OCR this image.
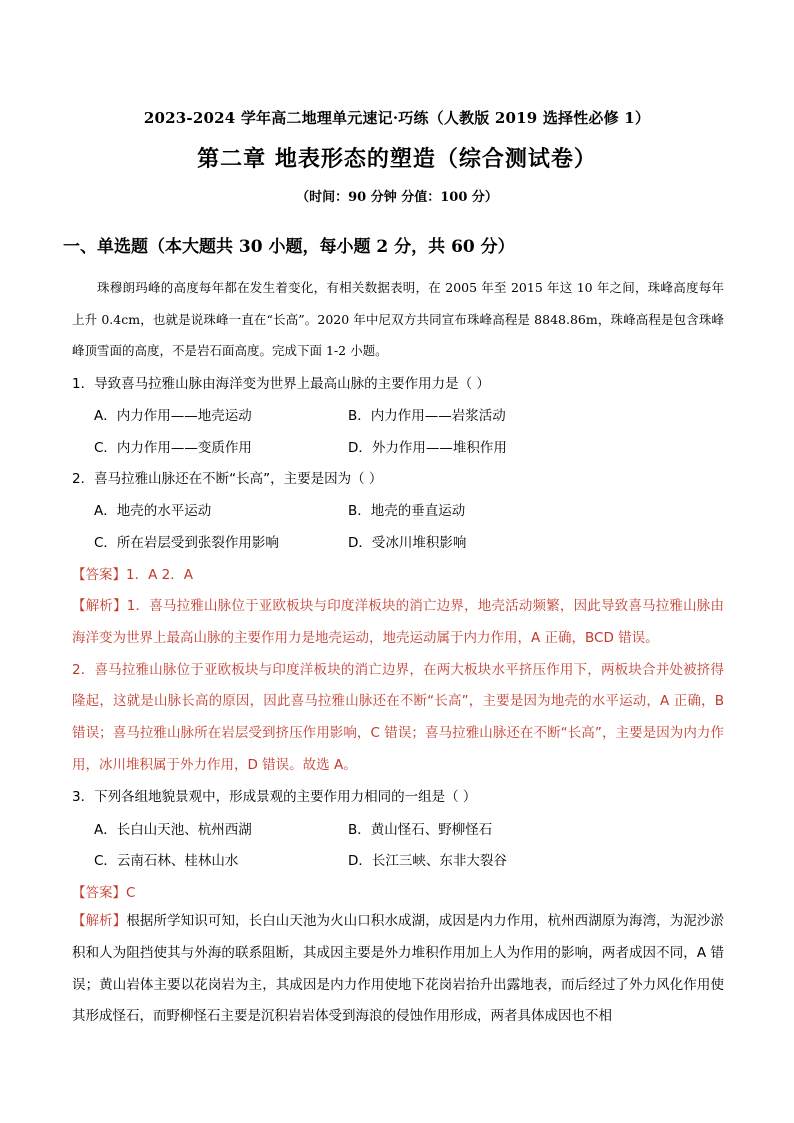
2023-2024 学年高二地理单元速记·巧练（人教版 2019 选择性必修 1）
第二章 地表形态的塑造（综合测试卷）
（时间：90 分钟 分值：100 分）
一、单选题（本大题共 30 小题，每小题 2 分，共 60 分）
珠穆朗玛峰的高度每年都在发生着变化，有相关数据表明，在 2005 年至 2015 年这 10 年之间，珠峰高度每年上升 0.4cm，也就是说珠峰一直在“长高”。2020 年中尼双方共同宣布珠峰高程是 8848.86m，珠峰高程是包含珠峰峰顶雪面的高度，不是岩石面高度。完成下面 1-2 小题。
1．导致喜马拉雅山脉由海洋变为世界上最高山脉的主要作用力是（ ）
A．内力作用——地壳运动	B．内力作用——岩浆活动
C．内力作用——变质作用	D．外力作用——堆积作用
2．喜马拉雅山脉还在不断“长高”，主要是因为（ ）
A．地壳的水平运动	B．地壳的垂直运动
C．所在岩层受到张裂作用影响	D．受冰川堆积影响
【答案】1．A 2．A
【解析】1．喜马拉雅山脉位于亚欧板块与印度洋板块的消亡边界，地壳活动频繁，因此导致喜马拉雅山脉由海洋变为世界上最高山脉的主要作用力是地壳运动，地壳运动属于内力作用，A 正确，BCD 错误。
2．喜马拉雅山脉位于亚欧板块与印度洋板块的消亡边界，在两大板块水平挤压作用下，两板块合并处被挤得隆起，这就是山脉长高的原因，因此喜马拉雅山脉还在不断“长高”，主要是因为地壳的水平运动，A 正确，B 错误；喜马拉雅山脉所在岩层受到挤压作用影响，C 错误；喜马拉雅山脉还在不断“长高”，主要是因为内力作用，冰川堆积属于外力作用，D 错误。故选 A。
3．下列各组地貌景观中，形成景观的主要作用力相同的一组是（ ）
A．长白山天池、杭州西湖	B．黄山怪石、野柳怪石
C．云南石林、桂林山水	D．长江三峡、东非大裂谷
【答案】C
【解析】根据所学知识可知，长白山天池为火山口积水成湖，成因是内力作用，杭州西湖原为海湾，为泥沙淤积和人为阻挡使其与外海的联系阻断，其成因主要是外力堆积作用加上人为作用的影响，两者成因不同，A 错误；黄山岩体主要以花岗岩为主，其成因是内力作用使地下花岗岩抬升出露地表，而后经过了外力风化作用使其形成怪石，而野柳怪石主要是沉积岩岩体受到海浪的侵蚀作用形成，两者具体成因也不相
